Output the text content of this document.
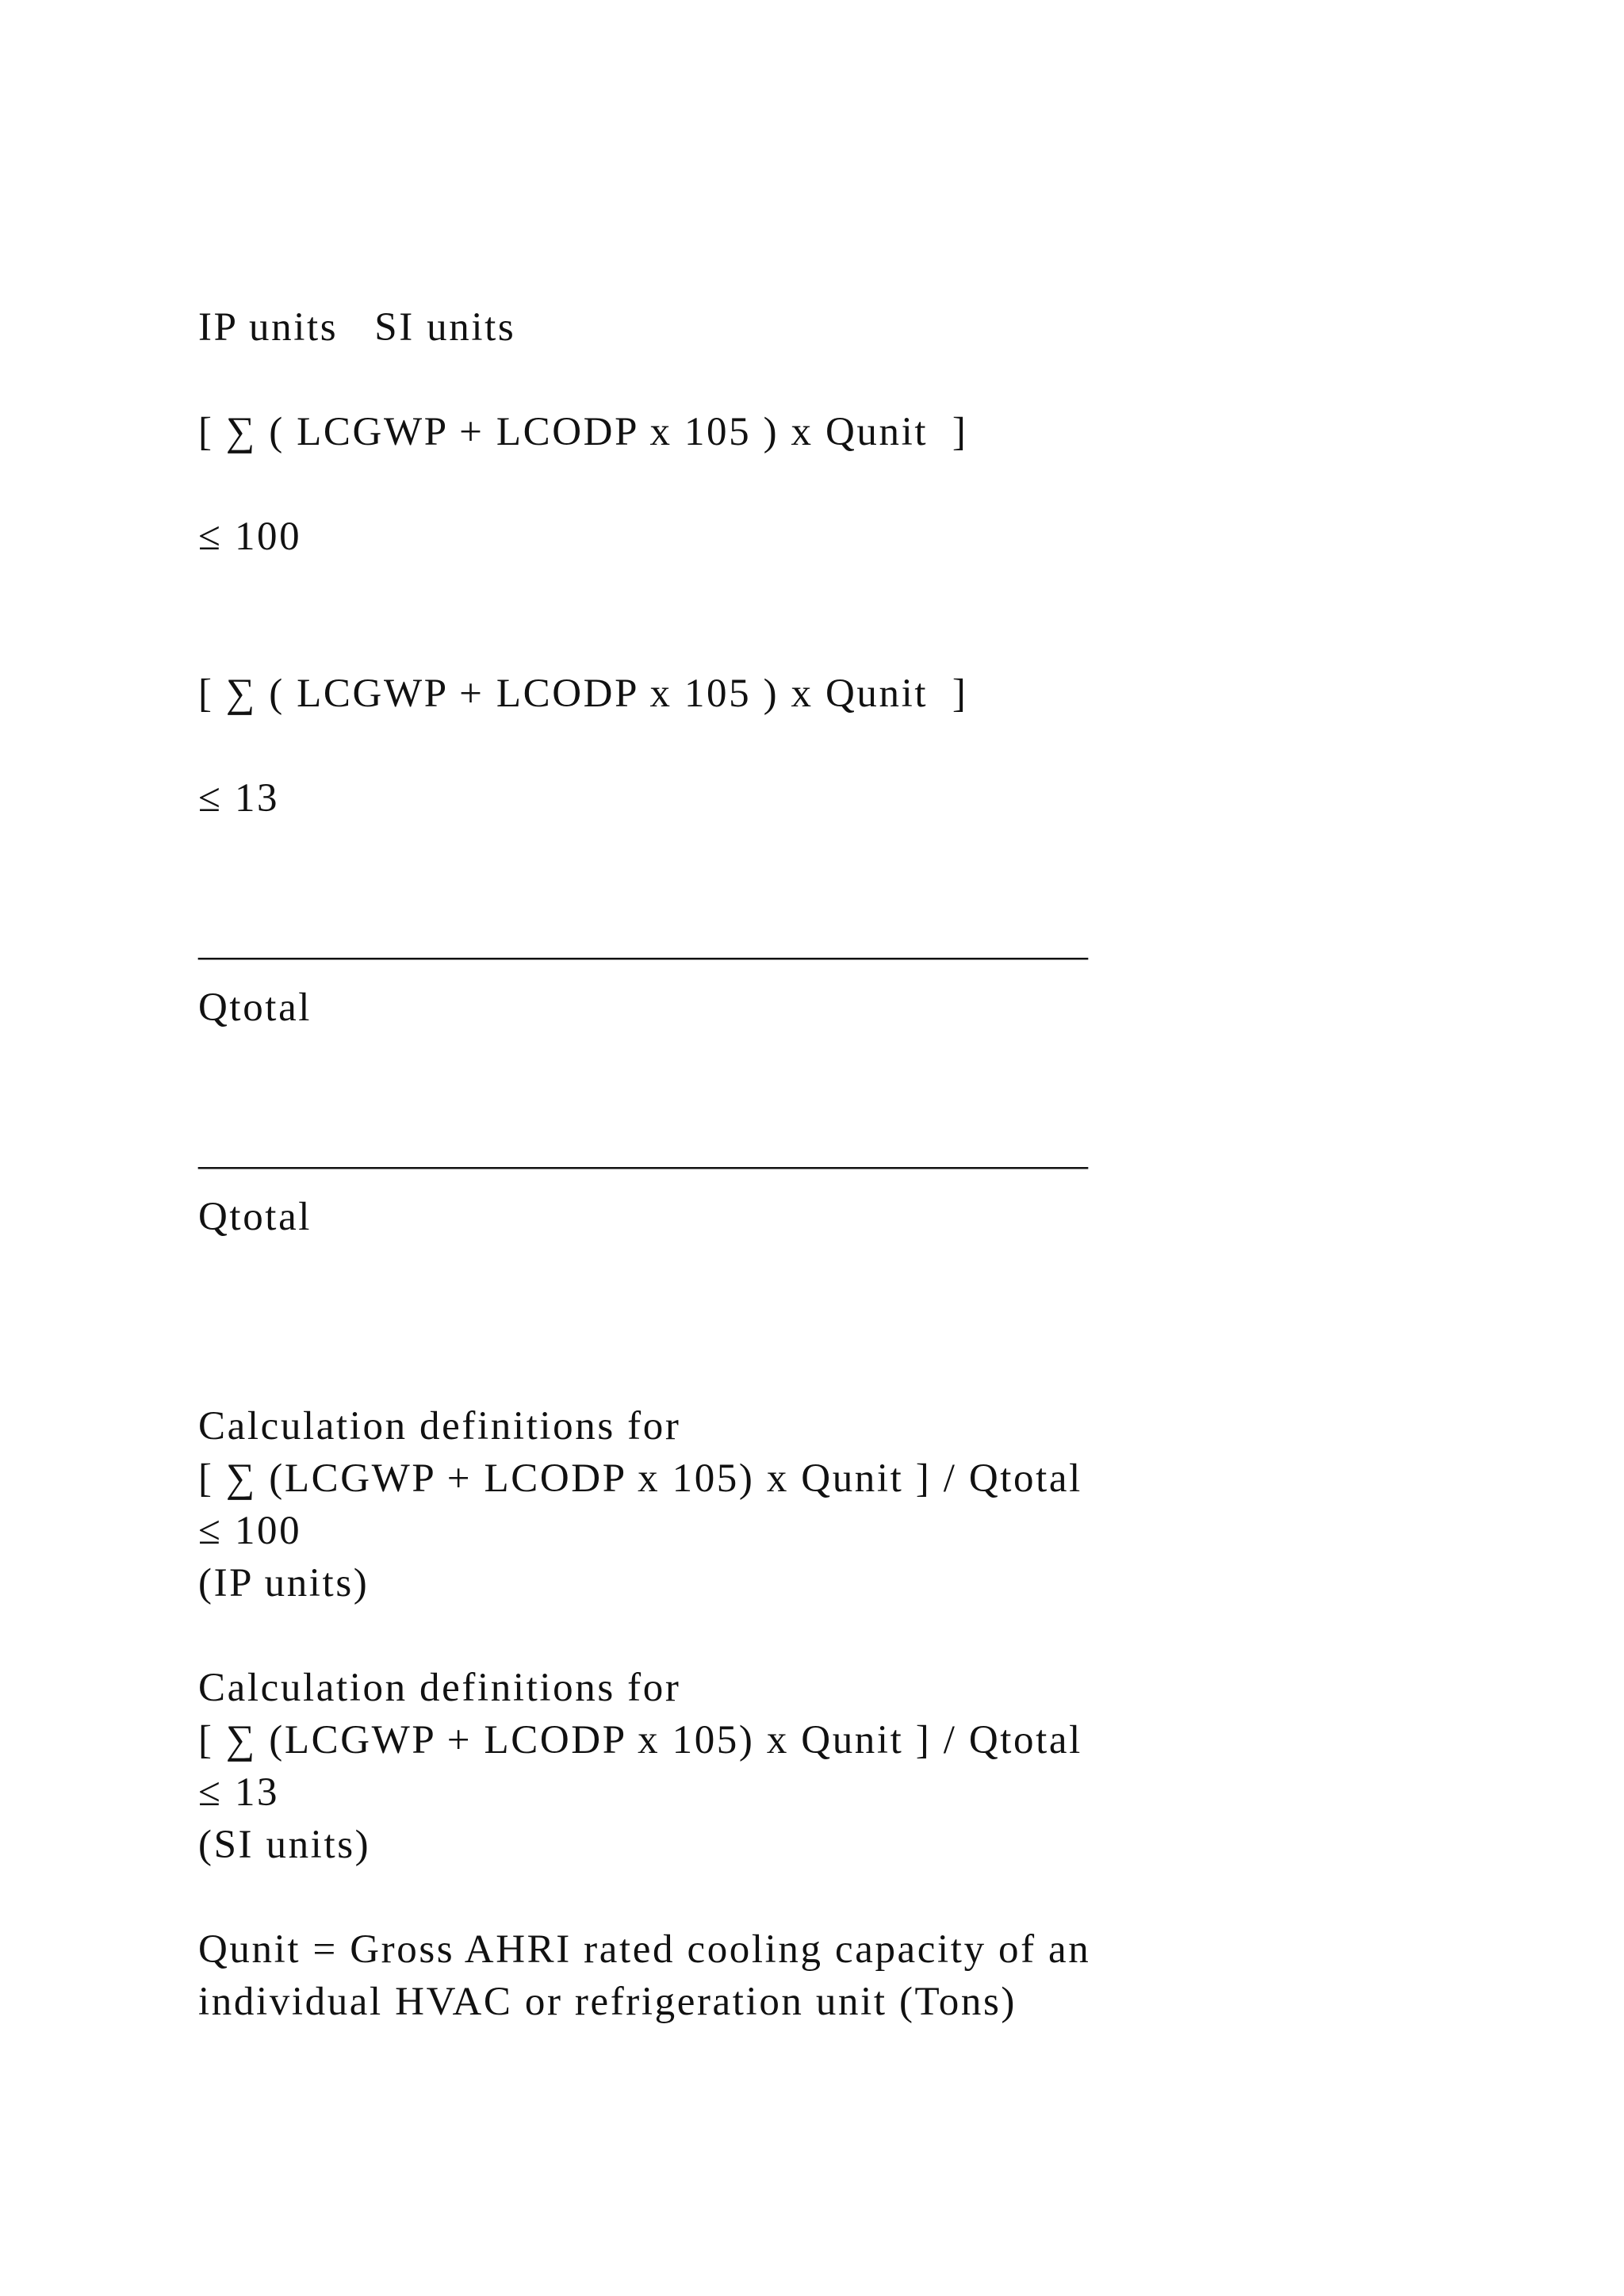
IP units SI units
[ ∑ ( LCGWP + LCODP x 105 ) x Qunit  ]
≤ 100
[ ∑ ( LCGWP + LCODP x 105 ) x Qunit  ]
≤ 13
——————————————————————
Qtotal
——————————————————————
Qtotal
Calculation definitions for
[ ∑ (LCGWP + LCODP x 105) x Qunit ] / Qtotal
≤ 100
(IP units)
Calculation definitions for
[ ∑ (LCGWP + LCODP x 105) x Qunit ] / Qtotal
≤ 13
(SI units)
Qunit = Gross AHRI rated cooling capacity of an
individual HVAC or refrigeration unit (Tons)
